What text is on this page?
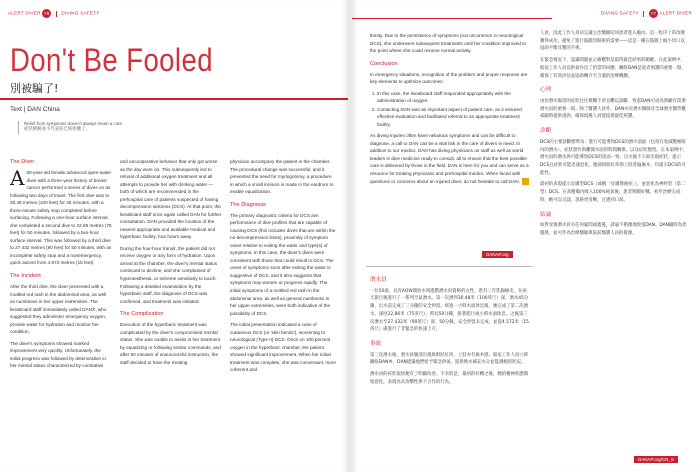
ALERT DIVER 76	DIVING SAFETY
Don't Be Fooled
別被騙了!
Text | DAN China
Relief from symptoms doesn't always mean a cure.
症狀緩解並不代表你已經痊癒了。
The Diver

A 50-year-old female advanced open-water diver with a three-year history of breast cancer performed a series of dives on air following two days of travel. The first dive was to 30.48 metres (100 feet) for 45 minutes, with a three-minute safety stop completed before surfacing. Following a one-hour surface interval, she completed a second dive to 22.86 metres (75 feet) for 50 minutes, followed by a two-hour surface interval. This was followed by a third dive to 27.432 metres (90 feet) for 50 minutes, with an incomplete safety stop and a nonemergency, quick ascent from 4.572 metres (15 feet).

The Incident

After the third dive, the diver presented with a mottled red rash in the abdominal area, as well as numbness in her upper extremities. The liveaboard staff immediately called DAN®, who suggested they administer emergency oxygen, provide water for hydration and monitor her condition.

The diver's symptoms showed marked improvement very quickly. Unfortunately, the initial progress was followed by deterioration in her mental status characterized by combative

and uncooperative behavior that only got worse as the day wore on. This subsequently led to refusal of additional oxygen treatment and all attempts to provide her with drinking water — both of which are recommended in the prehospital care of patients suspected of having decompression sickness (DCS). At that point, the liveaboard staff once again called DAN for further consultation. DAN provided the location of the nearest appropriate and available medical and hyperbaric facility, four hours away.

During the four-hour transit, the patient did not receive oxygen or any form of hydration. Upon arrival at the chamber, the diver's mental status continued to decline, and she complained of hyperaesthesia, or extreme sensitivity to touch. Following a detailed examination by the hyperbaric staff, the diagnosis of DCS was confirmed, and treatment was initiated.

The Complication

Execution of the hyperbaric treatment was complicated by the diver's compromised mental status. She was unable to assist in her treatment by equalizing or following similar commands, and after 50 minutes of unsuccessful instruction, the staff decided to have the treating

physician accompany the patient in the chamber. The procedural change was successful, and it prevented the need for myringotomy, a procedure in which a small incision is made in the eardrum to enable equalization.

The Diagnosis

The primary diagnostic criteria for DCS are: performance of dive profiles that are capable of causing DCS (this includes dives that are within the no-decompression limits), proximity of symptom onset relative to exiting the water and type(s) of symptoms. In this case, the diver's dives were consistent with those that could result in DCS. The onset of symptoms soon after exiting the water is suggestive of DCS, and it also suggests that symptoms may worsen or progress rapidly. The initial symptoms of a mottled red rash in the abdominal area, as well as general numbness in her upper extremities, were both indicative of the possibility of DCS.

The initial presentation indicated a case of cutaneous DCS (or 'skin bends'), worsening to neurological (Type II) DCS. Once on 100 percent oxygen in the hyperbaric chamber, the patient showed significant improvement. When her initial treatment was complete, she was conversant, more coherent and

DIVING SAFETY	77 ALERT DIVER

thirsty. Due to the persistence of symptoms (not uncommon in neurological DCS), she underwent subsequent treatments until her condition improved to the point where she could resume normal activity.

Conclusion

In emergency situations, recognition of the problem and proper response are key elements to optimize outcomes:

1. In this case, the liveaboard staff responded appropriately with the administration of oxygen.
2. Contacting DAN was an important aspect of patient care, as it ensured effective evaluation and facilitated referral to an appropriate treatment facility.

As diving injuries often have nebulous symptoms and can be difficult to diagnose, a call to DAN can be a vital link in the care of divers in need. In addition to our medics, DAN has diving physicians on staff as well as world leaders in dive medicine ready to consult, all to ensure that the best possible care is delivered by those in the field. DAN is here for you and can serve as a resource for treating physicians and prehospital medics. When faced with questions or concerns about an injured diver, do not hesitate to call DAN.

DANAP.org
潛水員

一位50歲、具有AOW開放水域進階潛水員資格的女性，患有三年乳腺癌史，在兩天旅行後進行了一系列空氣潛水。第一次潛到30.48米（100英尺）深，潛水45分鐘，出水前完成了三分鐘的安全停留。經過一小時水面休息後，她完成了第二次潛水，深度22.86米（75英尺），時長50分鐘，接著進行兩小時水面休息。之後第三次潛水至27.432米（90英尺）深、50分鐘，安全停留未完成，並從4.572米（15英尺）處進行了非緊急的快速上升。

事故

第三次潛水後，潛水員腹部出現斑駁狀紅疹，上肢亦有麻木感。船宿工作人員立即聯絡DAN®，DAN建議他們給予緊急供氧、提供飲水補充水分並監測她的狀況。

潛水員的症狀很快便有了明顯改善。不幸的是，最初的好轉之後，她的精神狀態開始惡化，表現為具攻擊性與不合作的行為。

人員，因此工作人員決定讓主治醫師陪同患者進入艙內。這一程序上的改變獲得成功，避免了進行鼓膜切開術的需要——這是一種在鼓膜上做小切口以協助平衡耳壓的手術。

在緊急情況下，認識問題並正確應對是取得最佳結果的關鍵。在此案例中，船宿工作人員以供氧作出了恰當的回應；聯絡DAN是患者照護的重要一環，確保了有效評估並協助轉介至合適的治療機構。

心理

由於潛水傷害的症狀往往模糊不清且難以診斷，致電DAN可成為照顧有需要潛水員的重要一環。除了醫護人員外，DAN亦有潛水醫師及全球潛水醫學權威隨時提供諮詢，確保現場人員能提供最佳照護。

診斷

DCS的主要診斷標準為：進行可能導致DCS的潛水剖面（包括在免減壓極限內的潛水）、症狀發作與離開水面的時間關係，以及症狀類型。在本案例中，潛水員的潛水與可能導致DCS的剖面一致；出水後不久即出現症狀，提示DCS且症狀可能迅速惡化。腹部斑駁紅疹與上肢普遍麻木，均提示DCS的可能性。

最初的表現提示皮膚型DCS（或稱「皮膚彎曲症」），並惡化為神經型（第二型）DCS。在高壓艙內吸入100%純氧後，患者明顯好轉。初步治療完成時，她可以交談、思路更清晰，且感到口渴。

結論

如對受傷潛水員有任何疑問或擔憂，請毫不猶豫地致電DAN。DAN隨時為您服務，並可作為治療醫師與院前醫護人員的資源。

DANAP.org/CN_S
